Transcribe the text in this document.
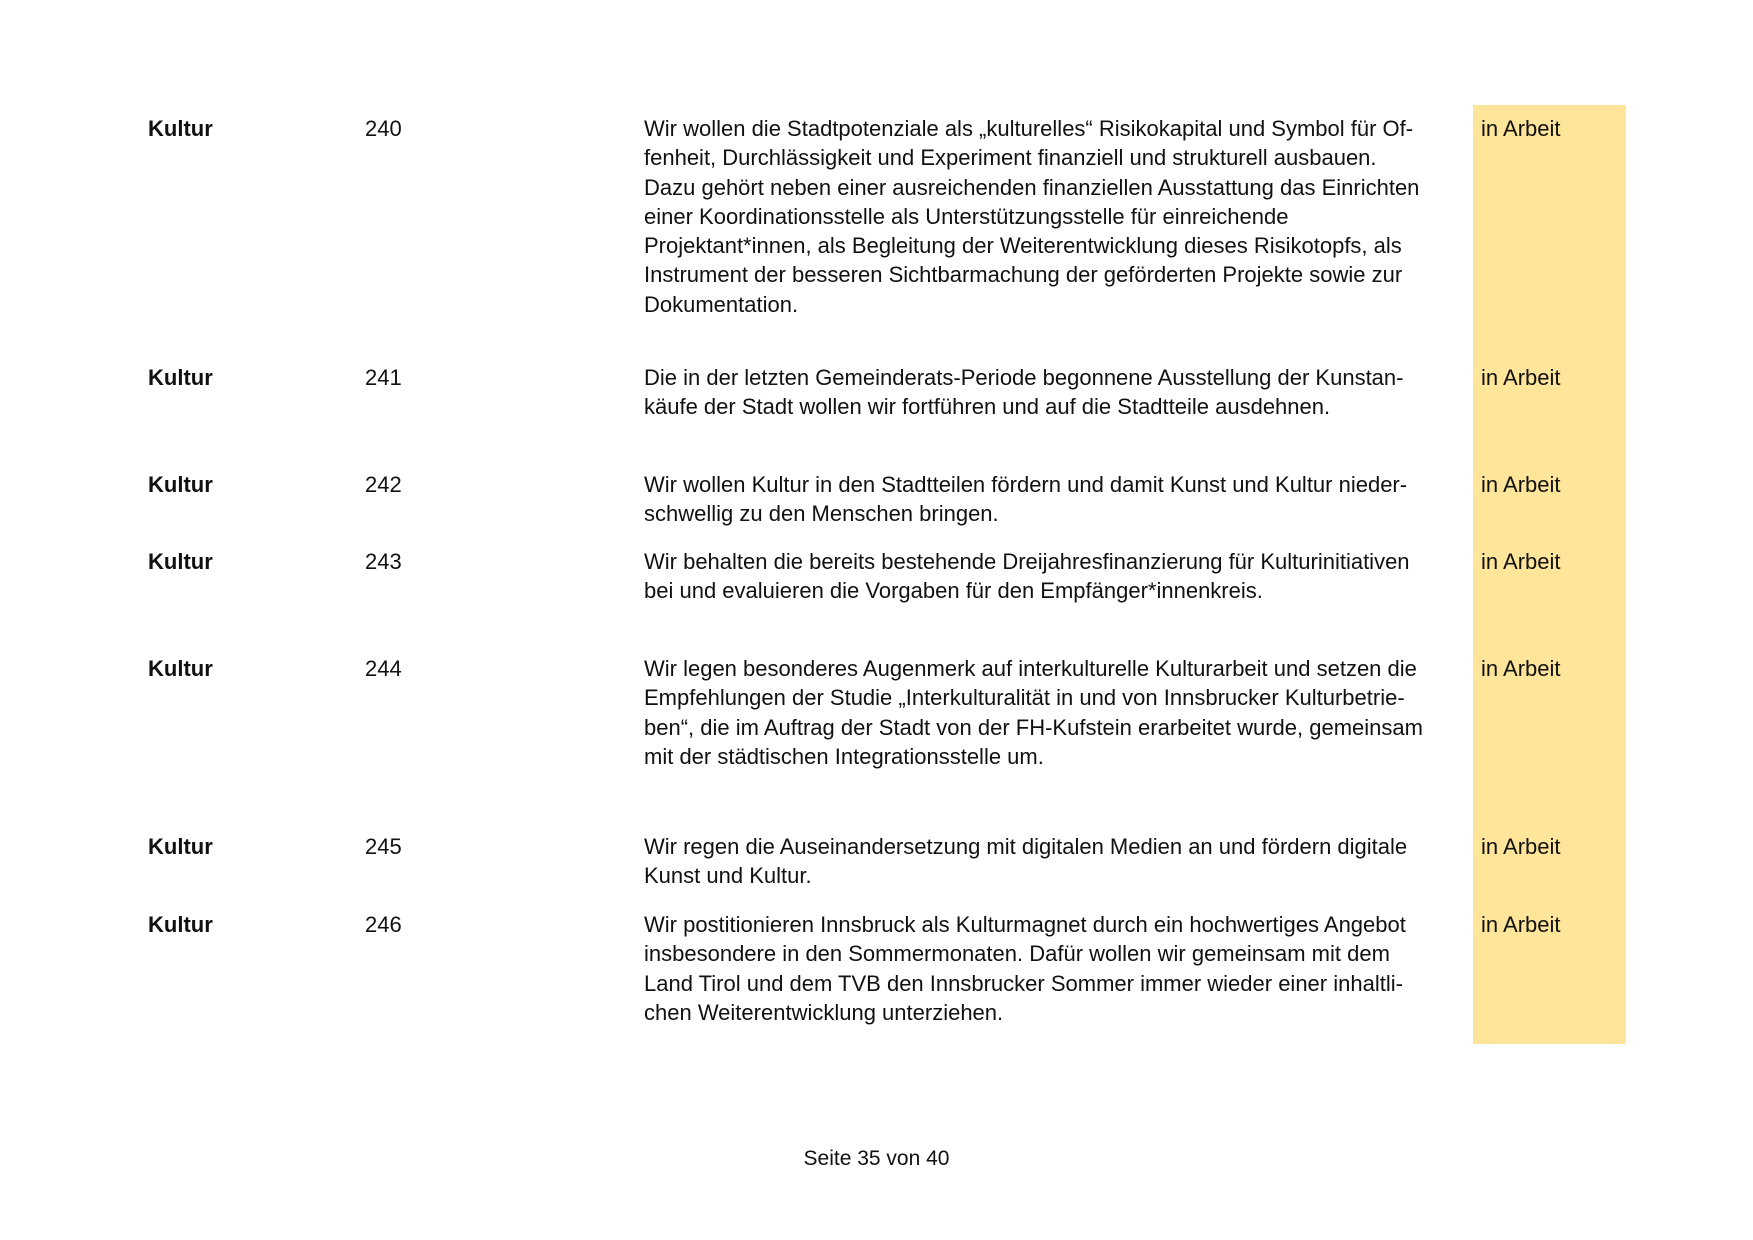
Kultur	240	Wir wollen die Stadtpotenziale als „kulturelles“ Risikokapital und Symbol für Of-
fenheit, Durchlässigkeit und Experiment finanziell und strukturell ausbauen.
Dazu gehört neben einer ausreichenden finanziellen Ausstattung das Einrichten
einer Koordinationsstelle als Unterstützungsstelle für einreichende
Projektant*innen, als Begleitung der Weiterentwicklung dieses Risikotopfs, als
Instrument der besseren Sichtbarmachung der geförderten Projekte sowie zur
Dokumentation.
in Arbeit
Kultur	241	Die in der letzten Gemeinderats-Periode begonnene Ausstellung der Kunstan-
käufe der Stadt wollen wir fortführen und auf die Stadtteile ausdehnen.
in Arbeit
Kultur	242	Wir wollen Kultur in den Stadtteilen fördern und damit Kunst und Kultur nieder-
schwellig zu den Menschen bringen.
in Arbeit
Kultur	243	Wir behalten die bereits bestehende Dreijahresfinanzierung für Kulturinitiativen
bei und evaluieren die Vorgaben für den Empfänger*innenkreis.
in Arbeit
Kultur	244	Wir legen besonderes Augenmerk auf interkulturelle Kulturarbeit und setzen die
Empfehlungen der Studie „Interkulturalität in und von Innsbrucker Kulturbetrie-
ben“, die im Auftrag der Stadt von der FH-Kufstein erarbeitet wurde, gemeinsam
mit der städtischen Integrationsstelle um.
in Arbeit
Kultur	245	Wir regen die Auseinandersetzung mit digitalen Medien an und fördern digitale
Kunst und Kultur.
in Arbeit
Kultur	246	Wir postitionieren Innsbruck als Kulturmagnet durch ein hochwertiges Angebot
insbesondere in den Sommermonaten. Dafür wollen wir gemeinsam mit dem
Land Tirol und dem TVB den Innsbrucker Sommer immer wieder einer inhaltli-
chen Weiterentwicklung unterziehen.
in Arbeit
Seite 35 von 40
